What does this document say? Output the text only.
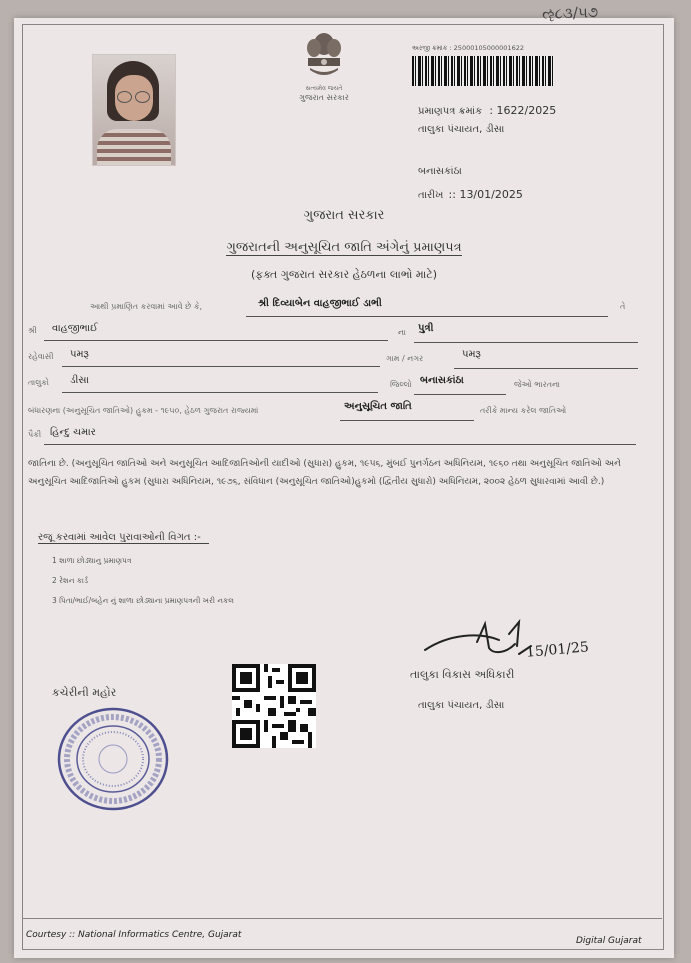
ૡ૮૩/૫૭
સત્યમેવ જયતે
ગુજરાત સરકાર
અરજી ક્રમાંક : 25000105000001622
પ્રમાણપત્ર ક્રમાંક : 1622/2025
તાલુકા પંચાયત, ડીસા
બનાસકાંઠા
તારીખ :: 13/01/2025
ગુજરાત સરકાર
ગુજરાતની અનુસૂચિત જાતિ અંગેનું પ્રમાણપત્ર
(ફક્ત ગુજરાત સરકાર હેઠળના લાભો માટે)
આથી પ્રમાણિત કરવામાં આવે છે કે,	શ્રી દિવ્યાબેન વાહજીભાઈ ડાભી	તે
શ્રી વાહજીભાઈ	ના પુત્રી
રહેવાસી પમરૂ	ગામ / નગર	પમરૂ
તાલુકો ડીસા	જિલ્લો બનાસકાંઠા	જેઓ ભારતના
બંધારણના (અનુસૂચિત જાતિઓ) હુકમ - ૧૯૫૦, હેઠળ ગુજરાત રાજ્યમાં	અનુસૂચિત જાતિ	તરીકે માન્ય કરેલ જાતિઓ
પૈકી હિન્દુ ચમાર
જાતિના છે. (અનુસૂચિત જાતિઓ અને અનુસૂચિત આદિજાતિઓની યાદીઓ (સુધારા) હુકમ, ૧૯૫૬, મુંબઈ પુનર્ગઠન અધિનિયમ, ૧૯૬૦ તથા અનુસૂચિત જાતિઓ અને અનુસૂચિત આદિજાતિઓ હુકમ (સુધારા અધિનિયમ, ૧૯૭૬, સંવિધાન (અનુસૂચિત જાતિઓ)હુકમો (દ્વિતીય સુધારો) અધિનિયમ, ૨૦૦૨ હેઠળ સુધારવામાં આવી છે.)
રજૂ કરવામાં આવેલ પુરાવાઓની વિગત :-
1 શાળા છોડ્યાનુ પ્રમાણપત્ર
2 રેશન કાર્ડ
3 પિતા/ભાઈ/બહેન નું શાળા છોડ્યાના પ્રમાણપત્રની ખરી નકલ
કચેરીની મહોર
15/01/25
તાલુકા વિકાસ અધિકારી
તાલુકા પંચાયત, ડીસા
Courtesy :: National Informatics Centre, Gujarat
Digital Gujarat
